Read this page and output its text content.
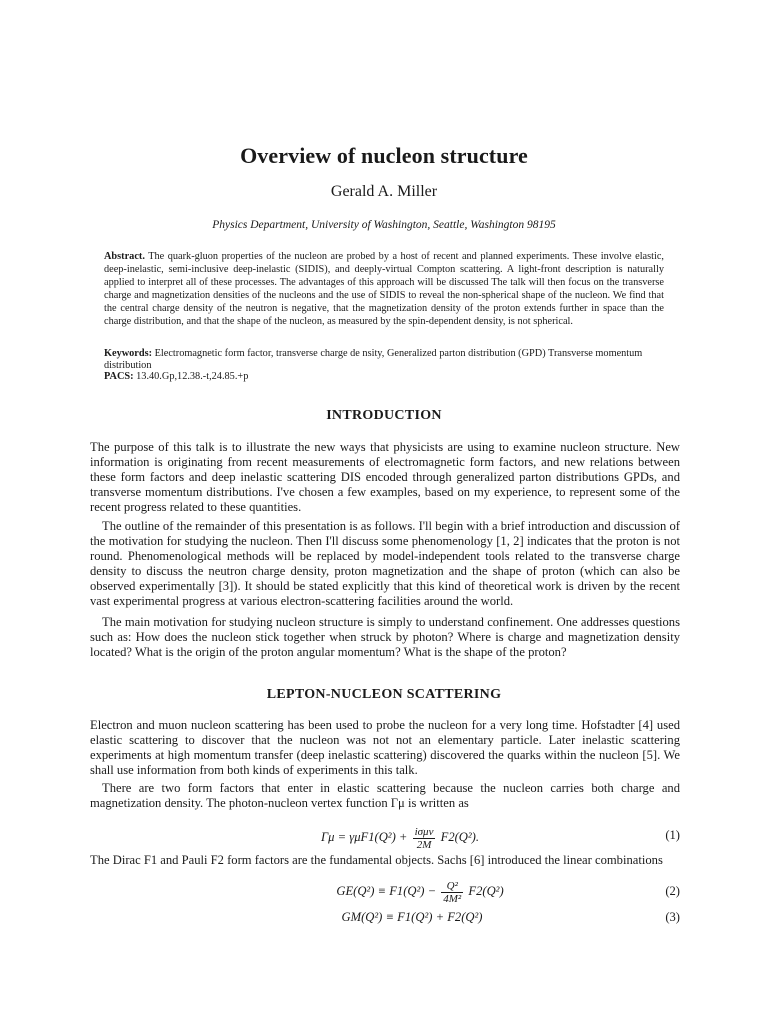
Overview of nucleon structure
Gerald A. Miller
Physics Department, University of Washington, Seattle, Washington 98195
Abstract. The quark-gluon properties of the nucleon are probed by a host of recent and planned experiments. These involve elastic, deep-inelastic, semi-inclusive deep-inelastic (SIDIS), and deeply-virtual Compton scattering. A light-front description is naturally applied to interpret all of these processes. The advantages of this approach will be discussed The talk will then focus on the transverse charge and magnetization densities of the nucleons and the use of SIDIS to reveal the non-spherical shape of the nucleon. We find that the central charge density of the neutron is negative, that the magnetization density of the proton extends further in space than the charge distribution, and that the shape of the nucleon, as measured by the spin-dependent density, is not spherical.
Keywords: Electromagnetic form factor, transverse charge de nsity, Generalized parton distribution (GPD) Transverse momentum distribution
PACS: 13.40.Gp,12.38.-t,24.85.+p
INTRODUCTION
The purpose of this talk is to illustrate the new ways that physicists are using to examine nucleon structure. New information is originating from recent measurements of electromagnetic form factors, and new relations between these form factors and deep inelastic scattering DIS encoded through generalized parton distributions GPDs, and transverse momentum distributions. I've chosen a few examples, based on my experience, to represent some of the recent progress related to these quantities.
The outline of the remainder of this presentation is as follows. I'll begin with a brief introduction and discussion of the motivation for studying the nucleon. Then I'll discuss some phenomenology [1, 2] indicates that the proton is not round. Phenomenological methods will be replaced by model-independent tools related to the transverse charge density to discuss the neutron charge density, proton magnetization and the shape of proton (which can also be observed experimentally [3]). It should be stated explicitly that this kind of theoretical work is driven by the recent vast experimental progress at various electron-scattering facilities around the world.
The main motivation for studying nucleon structure is simply to understand confinement. One addresses questions such as: How does the nucleon stick together when struck by photon? Where is charge and magnetization density located? What is the origin of the proton angular momentum? What is the shape of the proton?
LEPTON-NUCLEON SCATTERING
Electron and muon nucleon scattering has been used to probe the nucleon for a very long time. Hofstadter [4] used elastic scattering to discover that the nucleon was not not an elementary particle. Later inelastic scattering experiments at high momentum transfer (deep inelastic scattering) discovered the quarks within the nucleon [5]. We shall use information from both kinds of experiments in this talk.
There are two form factors that enter in elastic scattering because the nucleon carries both charge and magnetization density. The photon-nucleon vertex function Γμ is written as
$\Gamma\mu = \gamma\mu F1(Q^2) + \frac{\text{iσμν}}{2M} F2(Q^2)$.	(1)
The Dirac F1 and Pauli F2 form factors are the fundamental objects. Sachs [6] introduced the linear combinations
$GE(Q^2) \equiv F1(Q^2) - \frac{\text{Q²}}{\text{4M²}} F2(Q^2)$	(2)
GM(Q²) ≡ F1(Q²) + F2(Q²)	(3)
